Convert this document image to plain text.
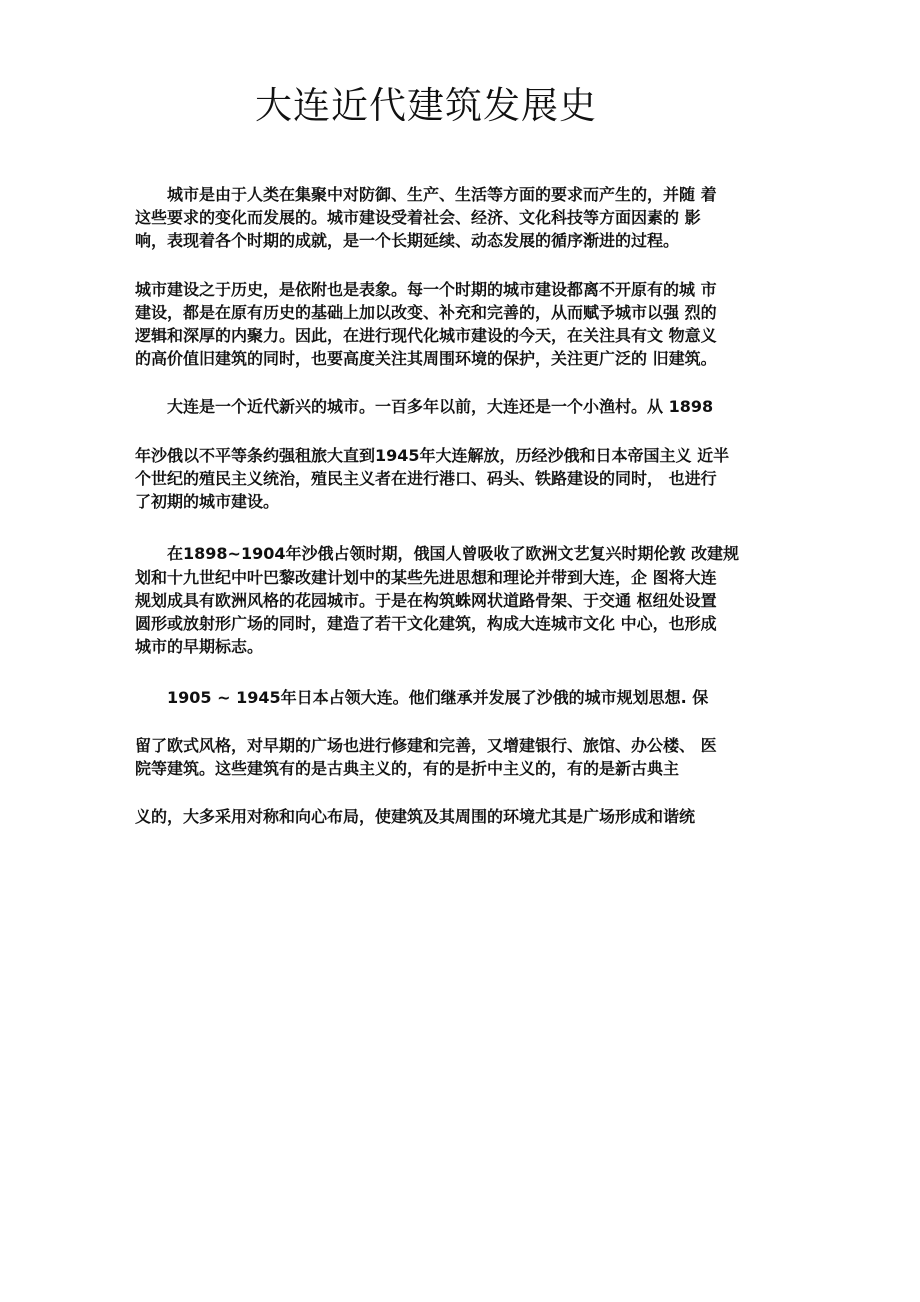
大连近代建筑发展史

城市是由于人类在集聚中对防御、生产、生活等方面的要求而产生的，并随 着

这些要求的变化而发展的。城市建设受着社会、经济、文化科技等方面因素的 影

响，表现着各个时期的成就，是一个长期延续、动态发展的循序渐进的过程。

城市建设之于历史，是依附也是表象。每一个时期的城市建设都离不开原有的城 市

建设，都是在原有历史的基础上加以改变、补充和完善的，从而赋予城市以强 烈的

逻辑和深厚的内聚力。因此，在进行现代化城市建设的今天，在关注具有文 物意义

的高价值旧建筑的同时，也要高度关注其周围环境的保护，关注更广泛的 旧建筑。

大连是一个近代新兴的城市。一百多年以前，大连还是一个小渔村。从 1898

年沙俄以不平等条约强租旅大直到1945年大连解放，历经沙俄和日本帝国主义 近半

个世纪的殖民主义统治，殖民主义者在进行港口、码头、铁路建设的同时， 也进行

了初期的城市建设。

在1898~1904年沙俄占领时期，俄国人曾吸收了欧洲文艺复兴时期伦敦 改建规

划和十九世纪中叶巴黎改建计划中的某些先进思想和理论并带到大连，企 图将大连

规划成具有欧洲风格的花园城市。于是在构筑蛛网状道路骨架、于交通 枢纽处设置

圆形或放射形广场的同时，建造了若干文化建筑，构成大连城市文化 中心，也形成

城市的早期标志。

1905 ~ 1945年日本占领大连。他们继承并发展了沙俄的城市规划思想. 保

留了欧式风格，对早期的广场也进行修建和完善，又增建银行、旅馆、办公楼、 医

院等建筑。这些建筑有的是古典主义的，有的是折中主义的，有的是新古典主

义的，大多采用对称和向心布局，使建筑及其周围的环境尤其是广场形成和谐统
